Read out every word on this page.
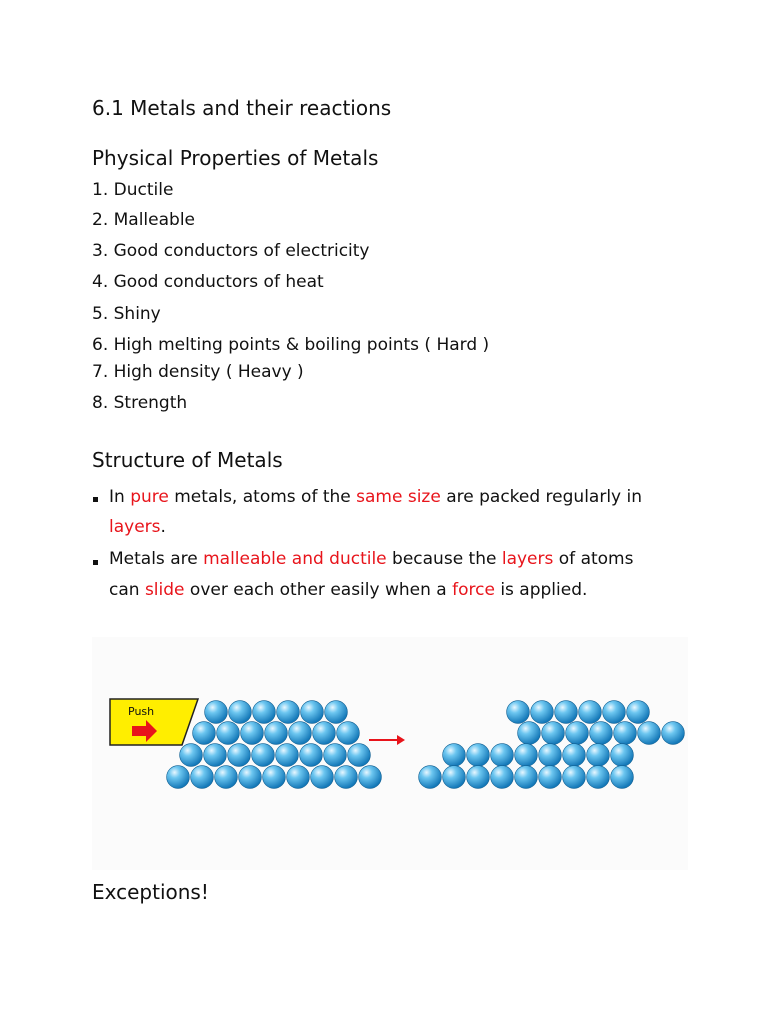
6.1 Metals and their reactions
Physical Properties of Metals
1. Ductile
2. Malleable
3. Good conductors of electricity
4. Good conductors of heat
5. Shiny
6. High melting points & boiling points ( Hard )
7. High density ( Heavy )
8. Strength
Structure of Metals
In pure metals, atoms of the same size are packed regularly in
layers.
Metals are malleable and ductile because the layers of atoms
can slide over each other easily when a force is applied.
Push
Exceptions!
